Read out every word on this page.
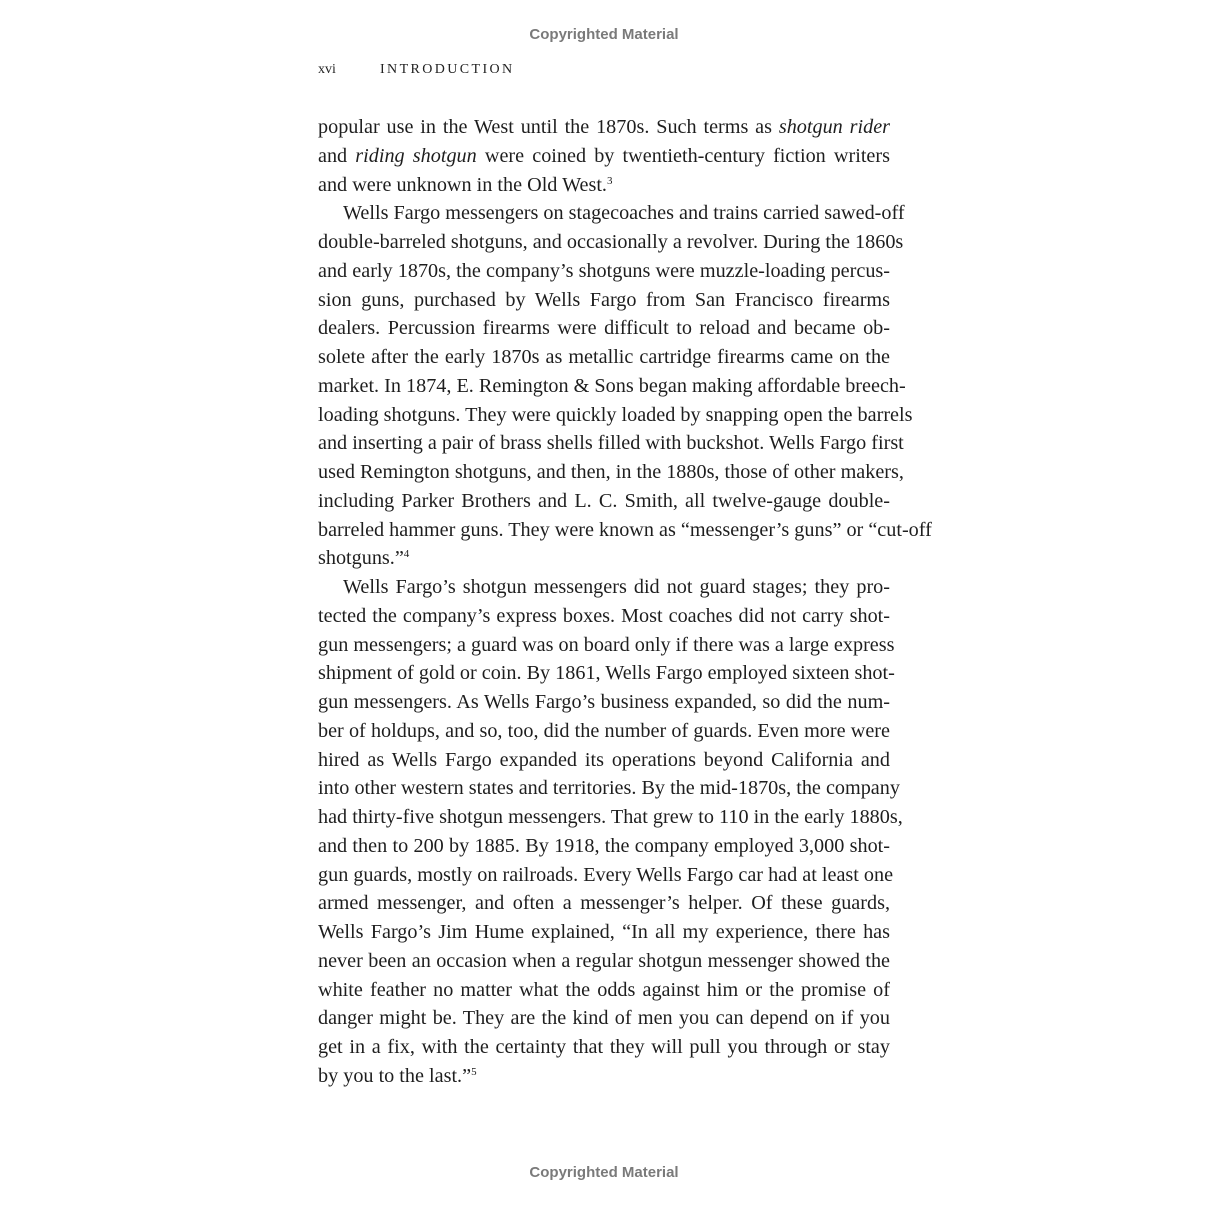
Copyrighted Material
xvi	INTRODUCTION
popular use in the West until the 1870s. Such terms as shotgun rider
and riding shotgun were coined by twentieth-century fiction writers
and were unknown in the Old West.$^3$
Wells Fargo messengers on stagecoaches and trains carried sawed-off
double-barreled shotguns, and occasionally a revolver. During the 1860s
and early 1870s, the company’s shotguns were muzzle-loading percus-
sion guns, purchased by Wells Fargo from San Francisco firearms
dealers. Percussion firearms were difficult to reload and became ob-
solete after the early 1870s as metallic cartridge firearms came on the
market. In 1874, E. Remington & Sons began making affordable breech-
loading shotguns. They were quickly loaded by snapping open the barrels
and inserting a pair of brass shells filled with buckshot. Wells Fargo first
used Remington shotguns, and then, in the 1880s, those of other makers,
including Parker Brothers and L. C. Smith, all twelve-gauge double-
barreled hammer guns. They were known as “messenger’s guns” or “cut-off
shotguns.”$^4$
Wells Fargo’s shotgun messengers did not guard stages; they pro-
tected the company’s express boxes. Most coaches did not carry shot-
gun messengers; a guard was on board only if there was a large express
shipment of gold or coin. By 1861, Wells Fargo employed sixteen shot-
gun messengers. As Wells Fargo’s business expanded, so did the num-
ber of holdups, and so, too, did the number of guards. Even more were
hired as Wells Fargo expanded its operations beyond California and
into other western states and territories. By the mid-1870s, the company
had thirty-five shotgun messengers. That grew to 110 in the early 1880s,
and then to 200 by 1885. By 1918, the company employed 3,000 shot-
gun guards, mostly on railroads. Every Wells Fargo car had at least one
armed messenger, and often a messenger’s helper. Of these guards,
Wells Fargo’s Jim Hume explained, “In all my experience, there has
never been an occasion when a regular shotgun messenger showed the
white feather no matter what the odds against him or the promise of
danger might be. They are the kind of men you can depend on if you
get in a fix, with the certainty that they will pull you through or stay
by you to the last.”$^5$
Copyrighted Material
